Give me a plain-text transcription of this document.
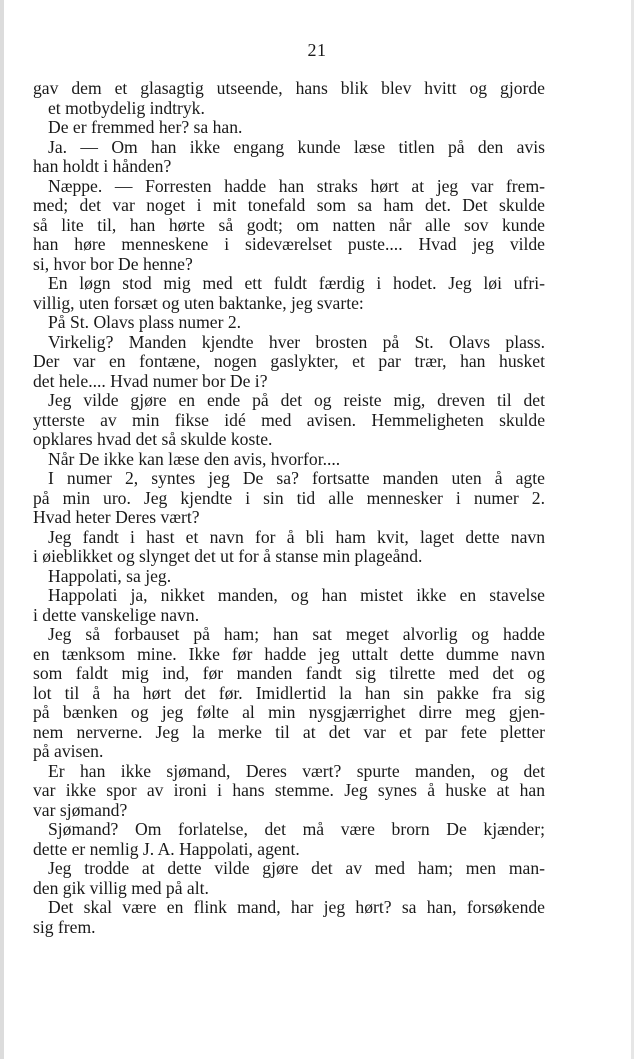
21
gav dem et glasagtig utseende, hans blik blev hvitt og gjorde
et motbydelig indtryk.
De er fremmed her? sa han.
Ja. — Om han ikke engang kunde læse titlen på den avis
han holdt i hånden?
Næppe. — Forresten hadde han straks hørt at jeg var frem-
med; det var noget i mit tonefald som sa ham det. Det skulde
så lite til, han hørte så godt; om natten når alle sov kunde
han høre menneskene i sideværelset puste.... Hvad jeg vilde
si, hvor bor De henne?
En løgn stod mig med ett fuldt færdig i hodet. Jeg løi ufri-
villig, uten forsæt og uten baktanke, jeg svarte:
På St. Olavs plass numer 2.
Virkelig? Manden kjendte hver brosten på St. Olavs plass.
Der var en fontæne, nogen gaslykter, et par trær, han husket
det hele.... Hvad numer bor De i?
Jeg vilde gjøre en ende på det og reiste mig, dreven til det
ytterste av min fikse idé med avisen. Hemmeligheten skulde
opklares hvad det så skulde koste.
Når De ikke kan læse den avis, hvorfor....
I numer 2, syntes jeg De sa? fortsatte manden uten å agte
på min uro. Jeg kjendte i sin tid alle mennesker i numer 2.
Hvad heter Deres vært?
Jeg fandt i hast et navn for å bli ham kvit, laget dette navn
i øieblikket og slynget det ut for å stanse min plageånd.
Happolati, sa jeg.
Happolati ja, nikket manden, og han mistet ikke en stavelse
i dette vanskelige navn.
Jeg så forbauset på ham; han sat meget alvorlig og hadde
en tænksom mine. Ikke før hadde jeg uttalt dette dumme navn
som faldt mig ind, før manden fandt sig tilrette med det og
lot til å ha hørt det før. Imidlertid la han sin pakke fra sig
på bænken og jeg følte al min nysgjærrighet dirre meg gjen-
nem nerverne. Jeg la merke til at det var et par fete pletter
på avisen.
Er han ikke sjømand, Deres vært? spurte manden, og det
var ikke spor av ironi i hans stemme. Jeg synes å huske at han
var sjømand?
Sjømand? Om forlatelse, det må være brorn De kjænder;
dette er nemlig J. A. Happolati, agent.
Jeg trodde at dette vilde gjøre det av med ham; men man-
den gik villig med på alt.
Det skal være en flink mand, har jeg hørt? sa han, forsøkende
sig frem.
